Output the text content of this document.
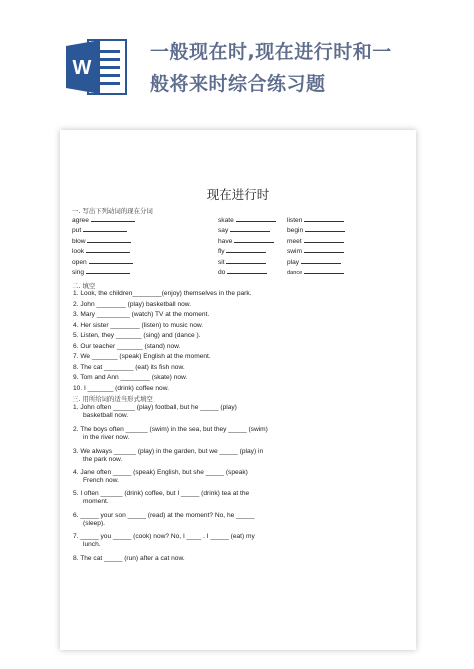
W
一般现在时,现在进行时和一
般将来时综合练习题
现在进行时
一. 写出下列动词的现在分词
agree	skate	listen
put	say	begin
blow	have	meet
look	fly	swim
open	sit	play
sing	do	dance
二. 填空
1. Look, the children________(enjoy) themselves in the park.
2. John ________ (play) basketball now.
3. Mary _________ (watch) TV at the moment.
4. Her sister ________ (listen) to music now.
5. Listen, they _______ (sing) and (dance ).
6. Our teacher _______ (stand) now.
7. We _______ (speak) English at the moment.
8. The cat ________ (eat) its fish now.
9. Tom and Ann ________ (skate) now.
10. I _______ (drink) coffee now.
三. 用所给词的适当形式填空
1. John often ______ (play) football, but he _____ (play)
basketball now.
2. The boys often ______ (swim) in the sea, but they _____ (swim)
in the river now.
3. We always ______ (play) in the garden, but we _____ (play) in
the park now.
4. Jane often _____ (speak) English, but she _____ (speak)
French now.
5. I often ______ (drink) coffee, but I _____ (drink) tea at the
moment.
6. _____ your son _____ (read) at the moment? No, he _____
(sleep).
7. _____ you _____ (cook) now? No, I ____ . I _____ (eat) my
lunch.
8. The cat _____ (run) after a cat now.
